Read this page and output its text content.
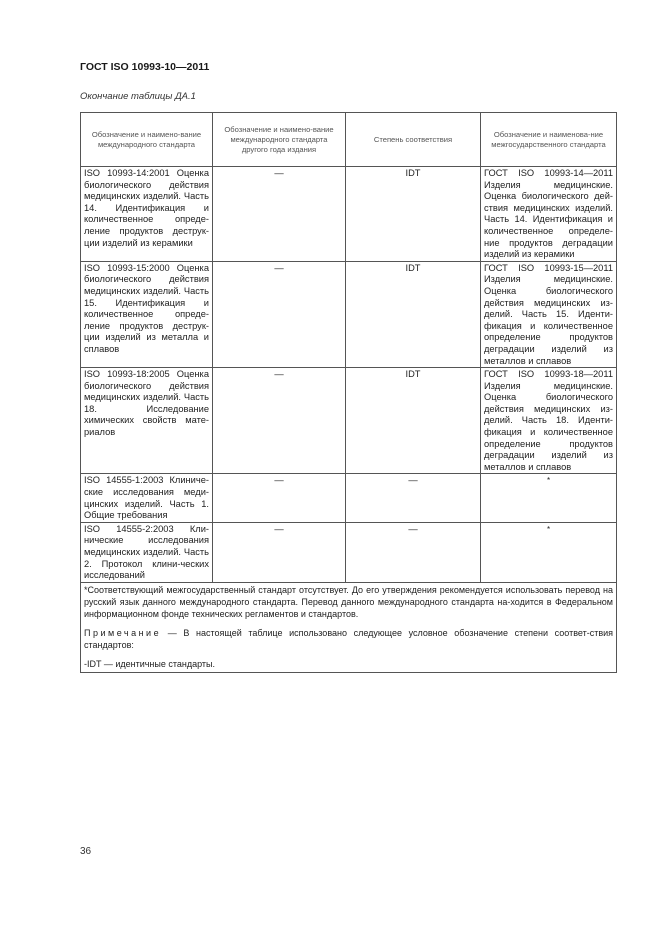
ГОСТ ISO 10993-10—2011
Окончание таблицы ДА.1
Обозначение и наимено-вание международного стандарта	Обозначение и наимено-вание международного стандарта другого года издания	Степень соответствия	Обозначение и наименова-ние межгосударственного стандарта
ISO 10993-14:2001 Оценка биологического действия медицинских изделий. Часть 14. Идентификация и количественное опреде-ление продуктов деструк-ции изделий из керамики	—	IDT	ГОСТ ISO 10993-14—2011 Изделия медицинские. Оценка биологического дей-ствия медицинских изделий. Часть 14. Идентификация и количественное определе-ние продуктов деградации изделий из керамики
ISO 10993-15:2000 Оценка биологического действия медицинских изделий. Часть 15. Идентификация и количественное опреде-ление продуктов деструк-ции изделий из металла и сплавов	—	IDT	ГОСТ ISO 10993-15—2011 Изделия медицинские. Оценка биологического действия медицинских из-делий. Часть 15. Иденти-фикация и количественное определение продуктов деградации изделий из металлов и сплавов
ISO 10993-18:2005 Оценка биологического действия медицинских изделий. Часть 18. Исследование химических свойств мате-риалов	—	IDT	ГОСТ ISO 10993-18—2011 Изделия медицинские. Оценка биологического действия медицинских из-делий. Часть 18. Иденти-фикация и количественное определение продуктов деградации изделий из металлов и сплавов
ISO 14555-1:2003 Клиниче-ские исследования меди-цинских изделий. Часть 1. Общие требования	—	—	*
ISO 14555-2:2003 Кли-нические исследования медицинских изделий. Часть 2. Протокол клини-ческих исследований	—	—	*

*Соответствующий межгосударственный стандарт отсутствует. До его утверждения рекомендуется использовать перевод на русский язык данного международного стандарта. Перевод данного международного стандарта на-ходится в Федеральном информационном фонде технических регламентов и стандартов.

Примечание — В настоящей таблице использовано следующее условное обозначение степени соответ-ствия стандартов:

-IDT — идентичные стандарты.			

36
